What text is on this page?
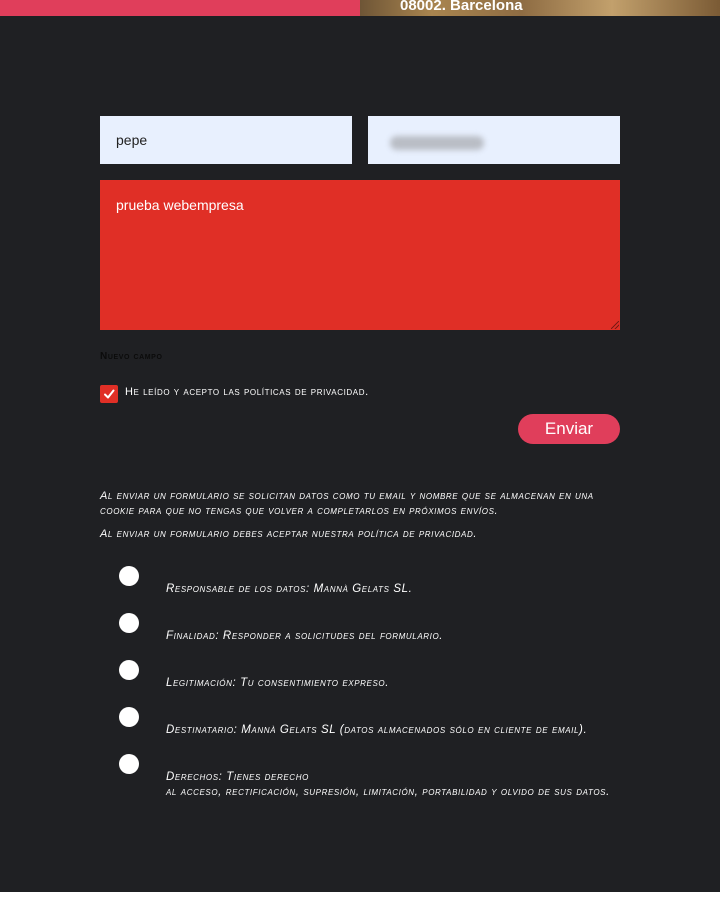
08002. Barcelona
pepe
prueba webempresa
Nuevo campo
He leído y acepto las políticas de privacidad.
Enviar
Al enviar un formulario se solicitan datos como tu email y nombre que se almacenan en una cookie para que no tengas que volver a completarlos en próximos envíos.
Al enviar un formulario debes aceptar nuestra política de privacidad.
Responsable de los datos: Mannà Gelats SL.
Finalidad: Responder a solicitudes del formulario.
Legitimación: Tu consentimiento expreso.
Destinatario: Mannà Gelats SL (datos almacenados sólo en cliente de email).
Derechos: Tienes derecho
al acceso, rectificación, supresión, limitación, portabilidad y olvido de sus datos.
